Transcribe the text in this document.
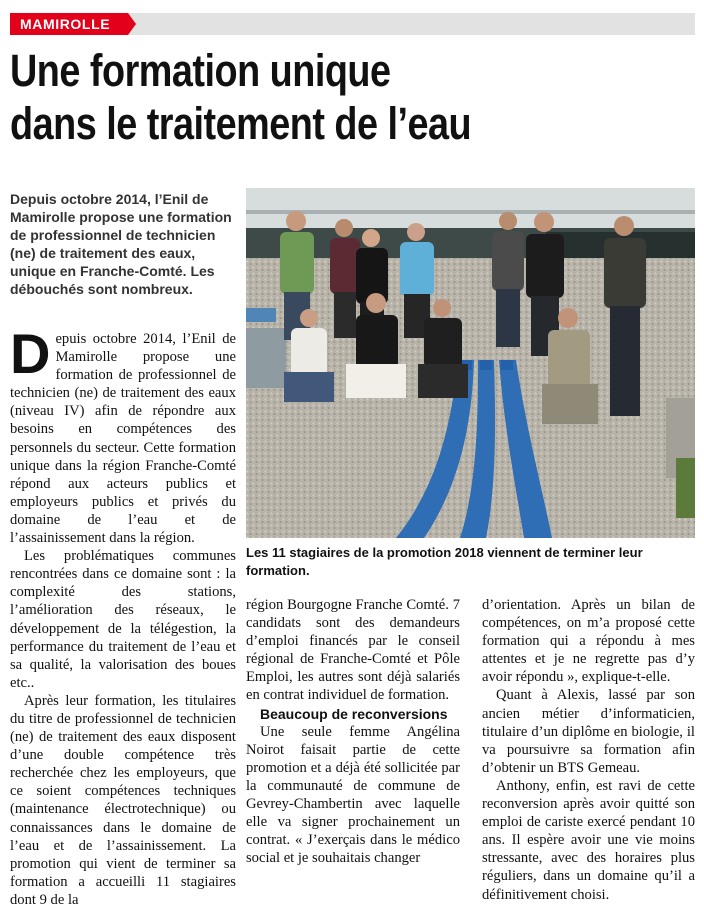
MAMIROLLE
Une formation unique
dans le traitement de l’eau

Depuis octobre 2014, l’Enil de Mamirolle propose une formation de professionnel de technicien (ne) de traitement des eaux, unique en Franche-Comté. Les débouchés sont nombreux.

Depuis octobre 2014, l’Enil de Mamirolle propose une formation de professionnel de technicien (ne) de traitement des eaux (niveau IV) afin de répondre aux besoins en compétences des personnels du secteur. Cette formation unique dans la région Franche-Comté répond aux acteurs publics et employeurs publics et privés du domaine de l’eau et de l’assainissement dans la région.

Les problématiques communes rencontrées dans ce domaine sont : la complexité des stations, l’amélioration des réseaux, le développement de la télégestion, la performance du traitement de l’eau et sa qualité, la valorisation des boues etc..

Après leur formation, les titulaires du titre de professionnel de technicien (ne) de traitement des eaux disposent d’une double compétence très recherchée chez les employeurs, que ce soient compétences techniques (maintenance électrotechnique) ou connaissances dans le domaine de l’eau et de l’assainissement. La promotion qui vient de terminer sa formation a accueilli 11 stagiaires dont 9 de la

Les 11 stagiaires de la promotion 2018 viennent de terminer leur formation.

région Bourgogne Franche Comté. 7 candidats sont des demandeurs d’emploi financés par le conseil régional de Franche-Comté et Pôle Emploi, les autres sont déjà salariés en contrat individuel de formation.

Beaucoup de reconversions

Une seule femme Angélina Noirot faisait partie de cette promotion et a déjà été sollicitée par la communauté de commune de Gevrey-Chambertin avec laquelle elle va signer prochainement un contrat. « J’exerçais dans le médico social et je souhaitais changer

d’orientation. Après un bilan de compétences, on m’a proposé cette formation qui a répondu à mes attentes et je ne regrette pas d’y avoir répondu », explique-t-elle.

Quant à Alexis, lassé par son ancien métier d’informaticien, titulaire d’un diplôme en biologie, il va poursuivre sa formation afin d’obtenir un BTS Gemeau.

Anthony, enfin, est ravi de cette reconversion après avoir quitté son emploi de cariste exercé pendant 10 ans. Il espère avoir une vie moins stressante, avec des horaires plus réguliers, dans un domaine qu’il a définitivement choisi.
